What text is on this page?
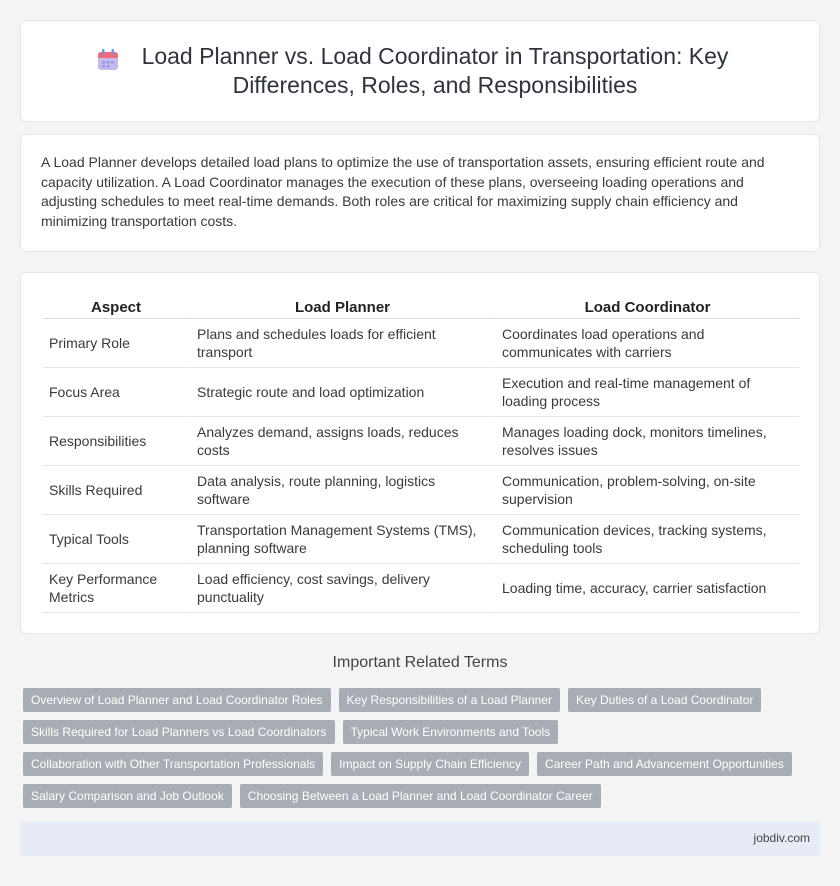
Load Planner vs. Load Coordinator in Transportation: Key Differences, Roles, and Responsibilities

A Load Planner develops detailed load plans to optimize the use of transportation assets, ensuring efficient route and capacity utilization. A Load Coordinator manages the execution of these plans, overseeing loading operations and adjusting schedules to meet real-time demands. Both roles are critical for maximizing supply chain efficiency and minimizing transportation costs.

Aspect	Load Planner	Load Coordinator
Primary Role	Plans and schedules loads for efficient transport	Coordinates load operations and communicates with carriers
Focus Area	Strategic route and load optimization	Execution and real-time management of loading process
Responsibilities	Analyzes demand, assigns loads, reduces costs	Manages loading dock, monitors timelines, resolves issues
Skills Required	Data analysis, route planning, logistics software	Communication, problem-solving, on-site supervision
Typical Tools	Transportation Management Systems (TMS), planning software	Communication devices, tracking systems, scheduling tools
Key Performance Metrics	Load efficiency, cost savings, delivery punctuality	Loading time, accuracy, carrier satisfaction
Important Related Terms
Overview of Load Planner and Load Coordinator Roles	Key Responsibilities of a Load Planner	Key Duties of a Load Coordinator
Skills Required for Load Planners vs Load Coordinators	Typical Work Environments and Tools
Collaboration with Other Transportation Professionals	Impact on Supply Chain Efficiency	Career Path and Advancement Opportunities
Salary Comparison and Job Outlook	Choosing Between a Load Planner and Load Coordinator Career
jobdiv.com
